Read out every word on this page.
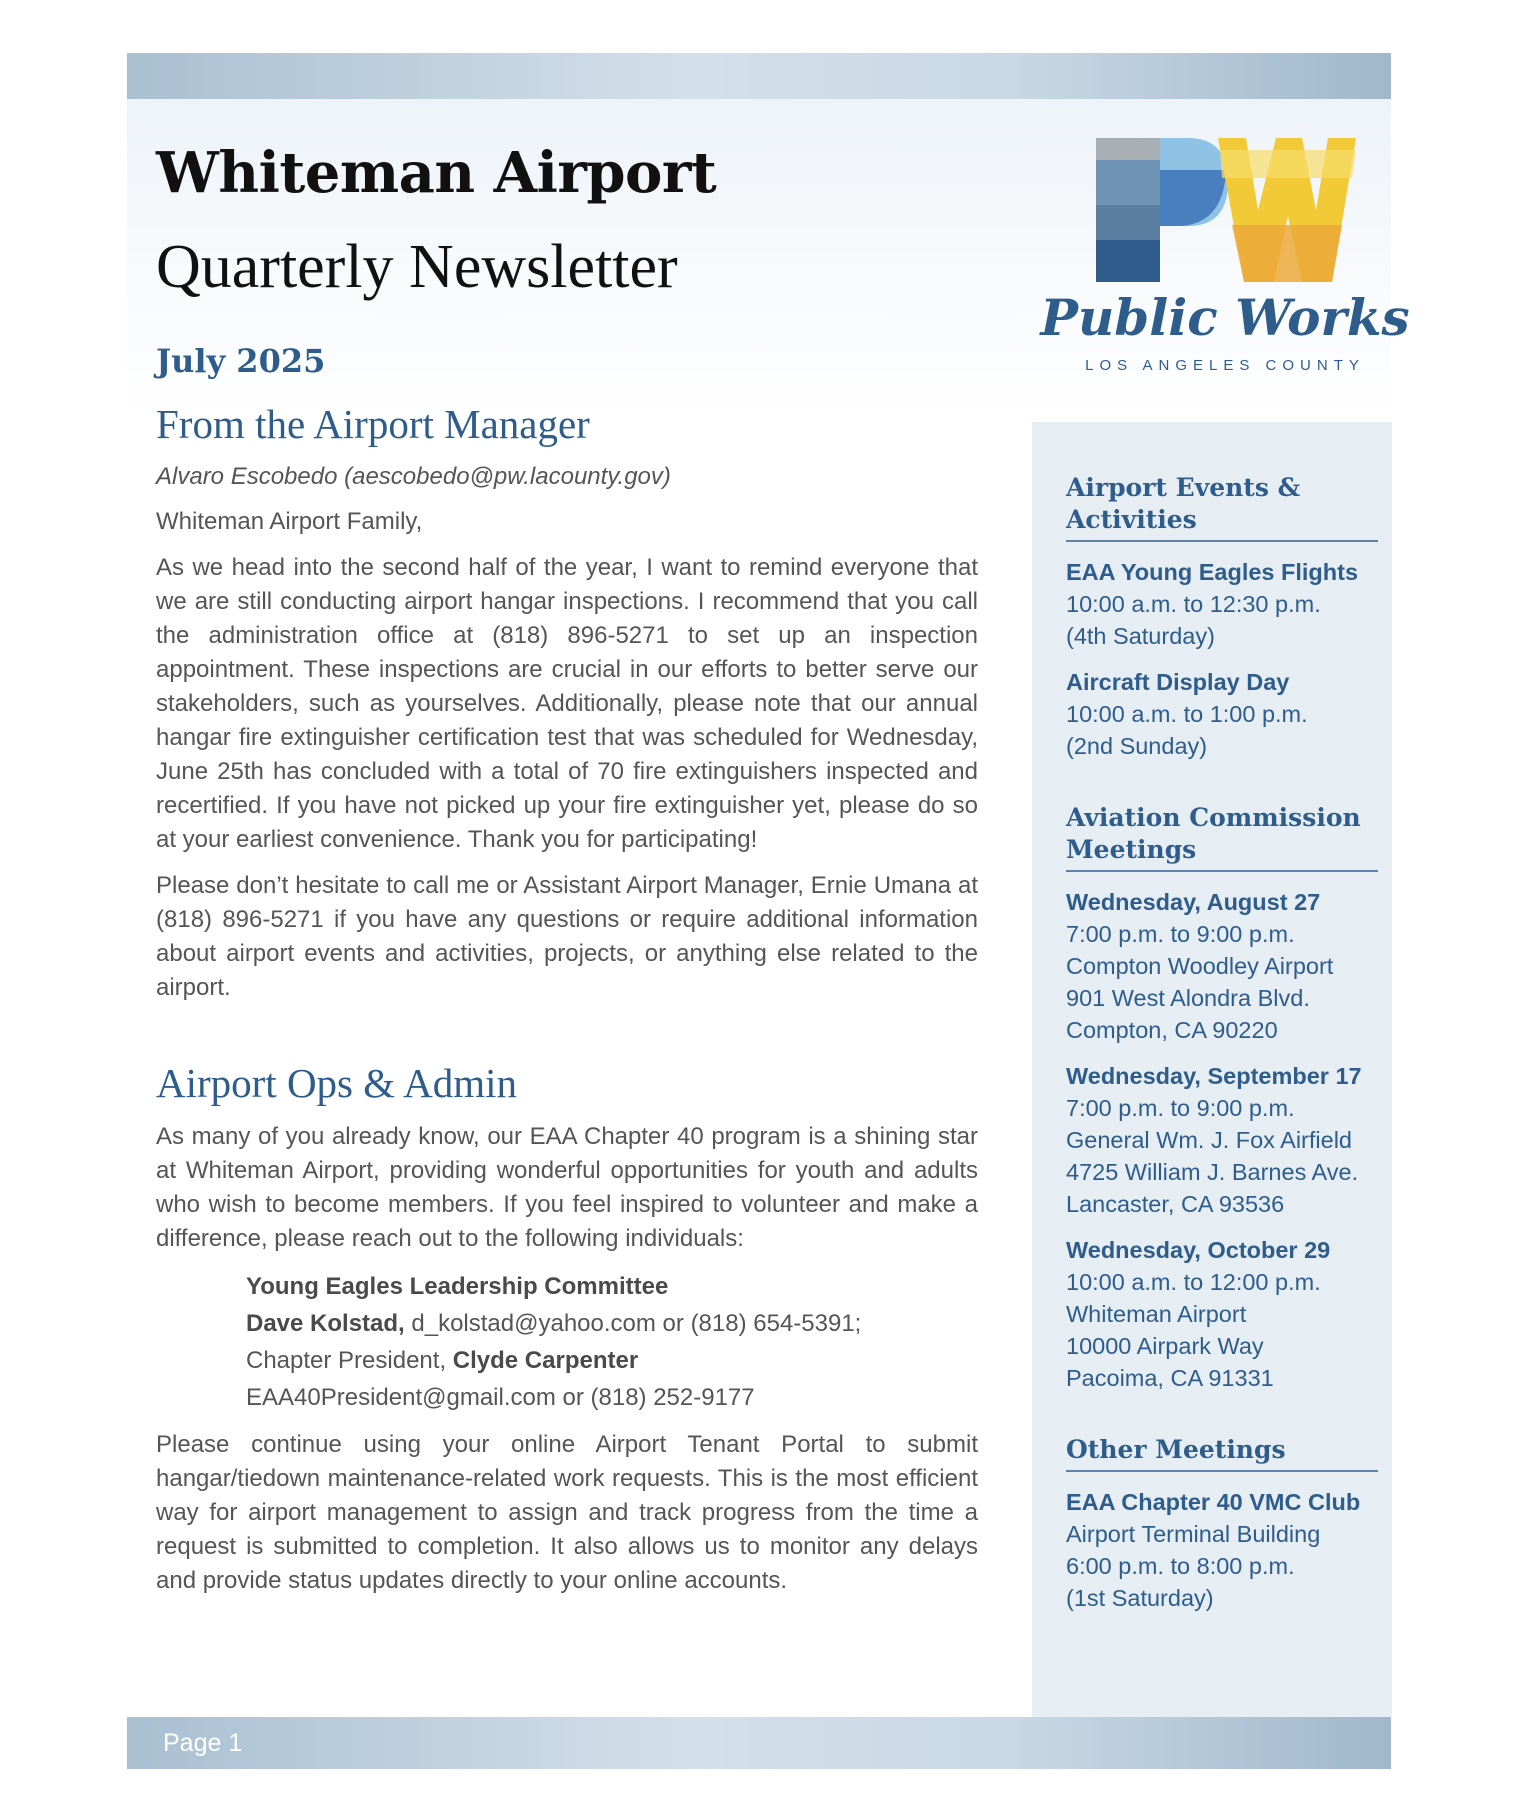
Whiteman Airport
Quarterly Newsletter
July 2025
Public Works
LOS ANGELES COUNTY
From the Airport Manager
Alvaro Escobedo (aescobedo@pw.lacounty.gov)

Whiteman Airport Family,

As we head into the second half of the year, I want to remind everyone that we are still conducting airport hangar inspections. I recommend that you call the administration office at (818) 896-5271 to set up an inspection appointment. These inspections are crucial in our efforts to better serve our stakeholders, such as yourselves. Additionally, please note that our annual hangar fire extinguisher certification test that was scheduled for Wednesday, June 25th has concluded with a total of 70 fire extinguishers inspected and recertified. If you have not picked up your fire extinguisher yet, please do so at your earliest convenience. Thank you for participating!

Please don’t hesitate to call me or Assistant Airport Manager, Ernie Umana at (818) 896-5271 if you have any questions or require additional information about airport events and activities, projects, or anything else related to the airport.

Airport Ops & Admin

As many of you already know, our EAA Chapter 40 program is a shining star at Whiteman Airport, providing wonderful opportunities for youth and adults who wish to become members. If you feel inspired to volunteer and make a difference, please reach out to the following individuals:

Young Eagles Leadership Committee
Dave Kolstad, d_kolstad@yahoo.com or (818) 654-5391;
Chapter President, Clyde Carpenter
EAA40President@gmail.com or (818) 252-9177

Please continue using your online Airport Tenant Portal to submit hangar/tiedown maintenance-related work requests. This is the most efficient way for airport management to assign and track progress from the time a request is submitted to completion. It also allows us to monitor any delays and provide status updates directly to your online accounts.

Airport Events & Activities
EAA Young Eagles Flights
10:00 a.m. to 12:30 p.m.
(4th Saturday)
Aircraft Display Day
10:00 a.m. to 1:00 p.m.
(2nd Sunday)
Aviation Commission Meetings
Wednesday, August 27
7:00 p.m. to 9:00 p.m.
Compton Woodley Airport
901 West Alondra Blvd.
Compton, CA 90220
Wednesday, September 17
7:00 p.m. to 9:00 p.m.
General Wm. J. Fox Airfield
4725 William J. Barnes Ave.
Lancaster, CA 93536
Wednesday, October 29
10:00 a.m. to 12:00 p.m.
Whiteman Airport
10000 Airpark Way
Pacoima, CA 91331
Other Meetings
EAA Chapter 40 VMC Club
Airport Terminal Building
6:00 p.m. to 8:00 p.m.
(1st Saturday)
Page 1
